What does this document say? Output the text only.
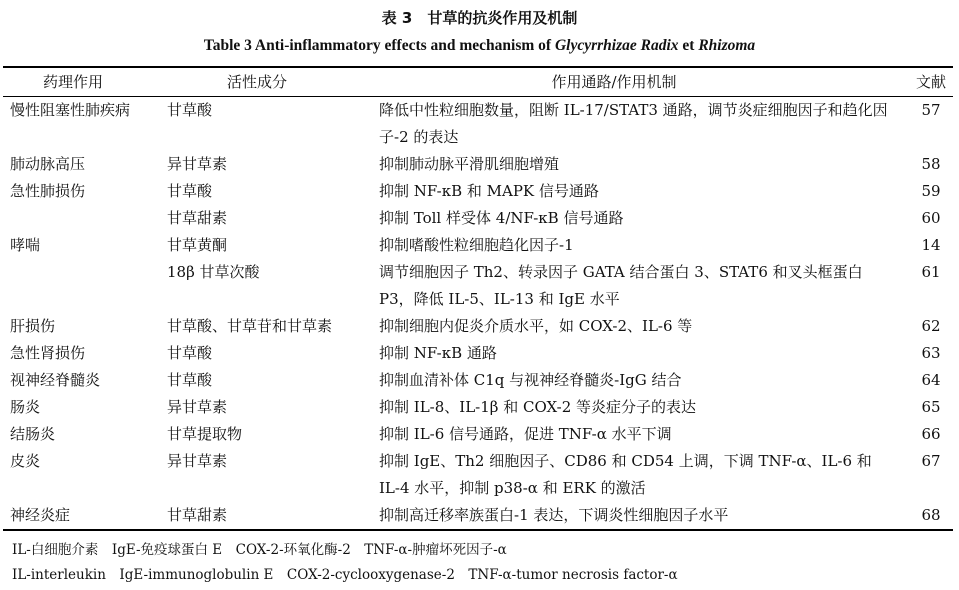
表 3　甘草的抗炎作用及机制
Table 3 Anti-inflammatory effects and mechanism of Glycyrrhizae Radix et Rhizoma
药理作用	活性成分	作用通路/作用机制	文献
慢性阻塞性肺疾病	甘草酸	降低中性粒细胞数量，阻断 IL-17/STAT3 通路，调节炎症细胞因子和趋化因子-2 的表达	57
肺动脉高压	异甘草素	抑制肺动脉平滑肌细胞增殖	58
急性肺损伤	甘草酸	抑制 NF-κB 和 MAPK 信号通路	59
	甘草甜素	抑制 Toll 样受体 4/NF-κB 信号通路	60
哮喘	甘草黄酮	抑制嗜酸性粒细胞趋化因子-1	14
	18β 甘草次酸	调节细胞因子 Th2、转录因子 GATA 结合蛋白 3、STAT6 和叉头框蛋白 P3，降低 IL-5、IL-13 和 IgE 水平	61
肝损伤	甘草酸、甘草苷和甘草素	抑制细胞内促炎介质水平，如 COX-2、IL-6 等	62
急性肾损伤	甘草酸	抑制 NF-κB 通路	63
视神经脊髓炎	甘草酸	抑制血清补体 C1q 与视神经脊髓炎-IgG 结合	64
肠炎	异甘草素	抑制 IL-8、IL-1β 和 COX-2 等炎症分子的表达	65
结肠炎	甘草提取物	抑制 IL-6 信号通路，促进 TNF-α 水平下调	66
皮炎	异甘草素	抑制 IgE、Th2 细胞因子、CD86 和 CD54 上调，下调 TNF-α、IL-6 和 IL-4 水平，抑制 p38-α 和 ERK 的激活	67
神经炎症	甘草甜素	抑制高迁移率族蛋白-1 表达，下调炎性细胞因子水平	68
IL-白细胞介素　IgE-免疫球蛋白 E　COX-2-环氧化酶-2　TNF-α-肿瘤坏死因子-α
IL-interleukin　IgE-immunoglobulin E　COX-2-cyclooxygenase-2　TNF-α-tumor necrosis factor-α
